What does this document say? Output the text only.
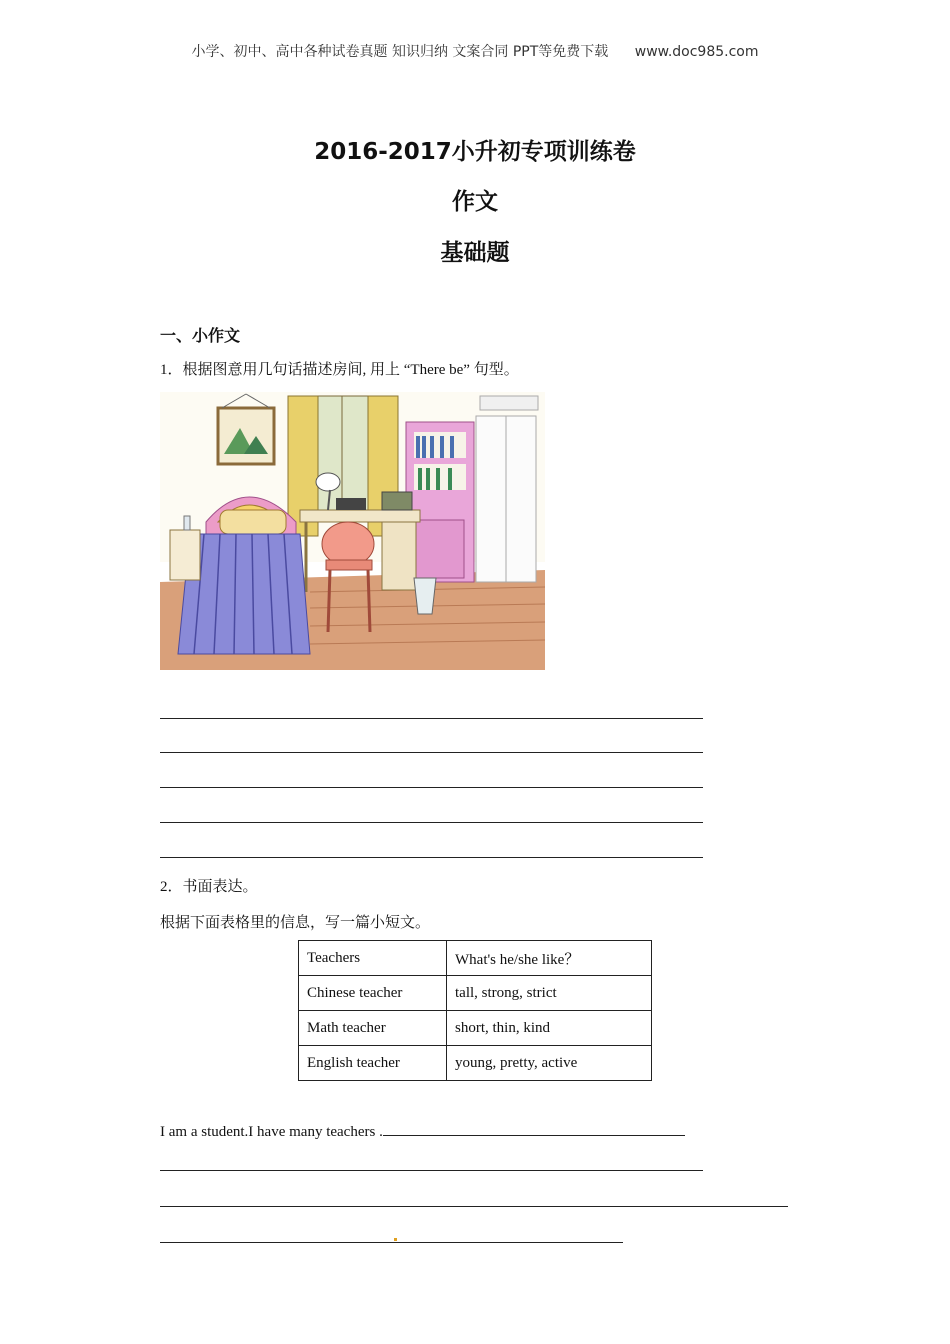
小学、初中、高中各种试卷真题 知识归纳 文案合同 PPT等免费下载 www.doc985.com
2016-2017小升初专项训练卷
作文
基础题
一、小作文
1．根据图意用几句话描述房间, 用上 “There be” 句型。
2．书面表达。
根据下面表格里的信息，写一篇小短文。
Teachers	What's he/she like？
Chinese teacher	tall, strong, strict
Math teacher	short, thin, kind
English teacher	young, pretty, active
I am a student.I have many teachers .
